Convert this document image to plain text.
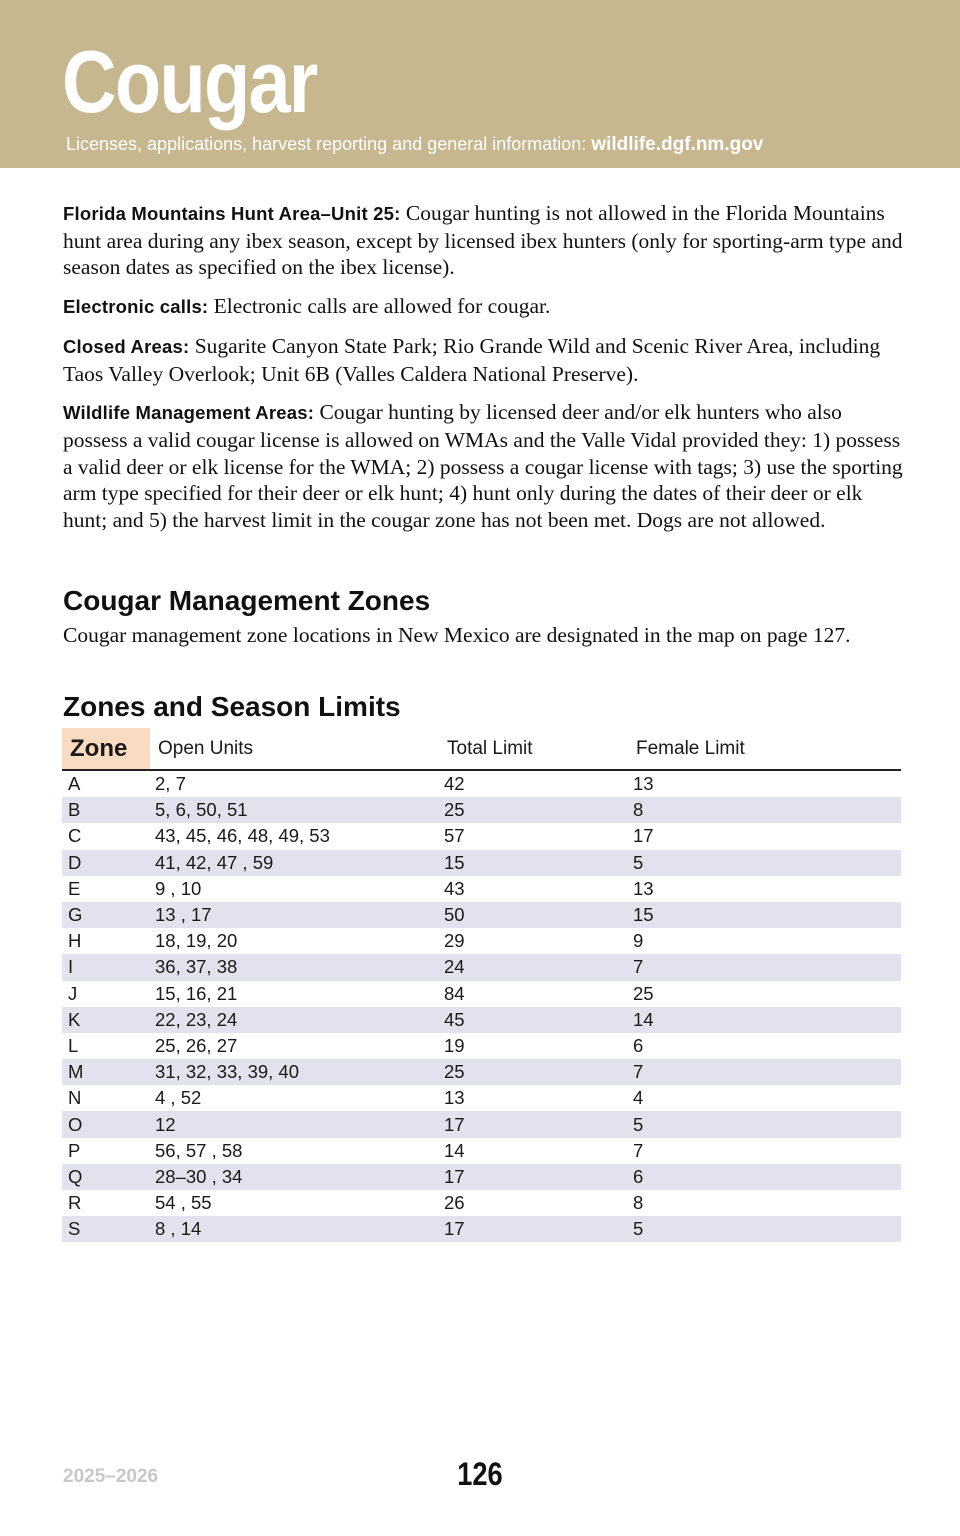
Cougar
Licenses, applications, harvest reporting and general information: wildlife.dgf.nm.gov

Florida Mountains Hunt Area–Unit 25: Cougar hunting is not allowed in the Florida Mountains hunt area during any ibex season, except by licensed ibex hunters (only for sporting-arm type and season dates as specified on the ibex license).

Electronic calls: Electronic calls are allowed for cougar.

Closed Areas: Sugarite Canyon State Park; Rio Grande Wild and Scenic River Area, including Taos Valley Overlook; Unit 6B (Valles Caldera National Preserve).

Wildlife Management Areas: Cougar hunting by licensed deer and/or elk hunters who also possess a valid cougar license is allowed on WMAs and the Valle Vidal provided they: 1) possess a valid deer or elk license for the WMA; 2) possess a cougar license with tags; 3) use the sporting arm type specified for their deer or elk hunt; 4) hunt only during the dates of their deer or elk hunt; and 5) the harvest limit in the cougar zone has not been met. Dogs are not allowed.

Cougar Management Zones
Cougar management zone locations in New Mexico are designated in the map on page 127.
Zones and Season Limits
Zone	Open Units	Total Limit	Female Limit
A	2, 7	42	13
B	5, 6, 50, 51	25	8
C	43, 45, 46, 48, 49, 53	57	17
D	41, 42, 47 , 59	15	5
E	9 , 10	43	13
G	13 , 17	50	15
H	18, 19, 20	29	9
I	36, 37, 38	24	7
J	15, 16, 21	84	25
K	22, 23, 24	45	14
L	25, 26, 27	19	6
M	31, 32, 33, 39, 40	25	7
N	4 , 52	13	4
O	12	17	5
P	56, 57 , 58	14	7
Q	28–30 , 34	17	6
R	54 , 55	26	8
S	8 , 14	17	5
2025–2026	126
